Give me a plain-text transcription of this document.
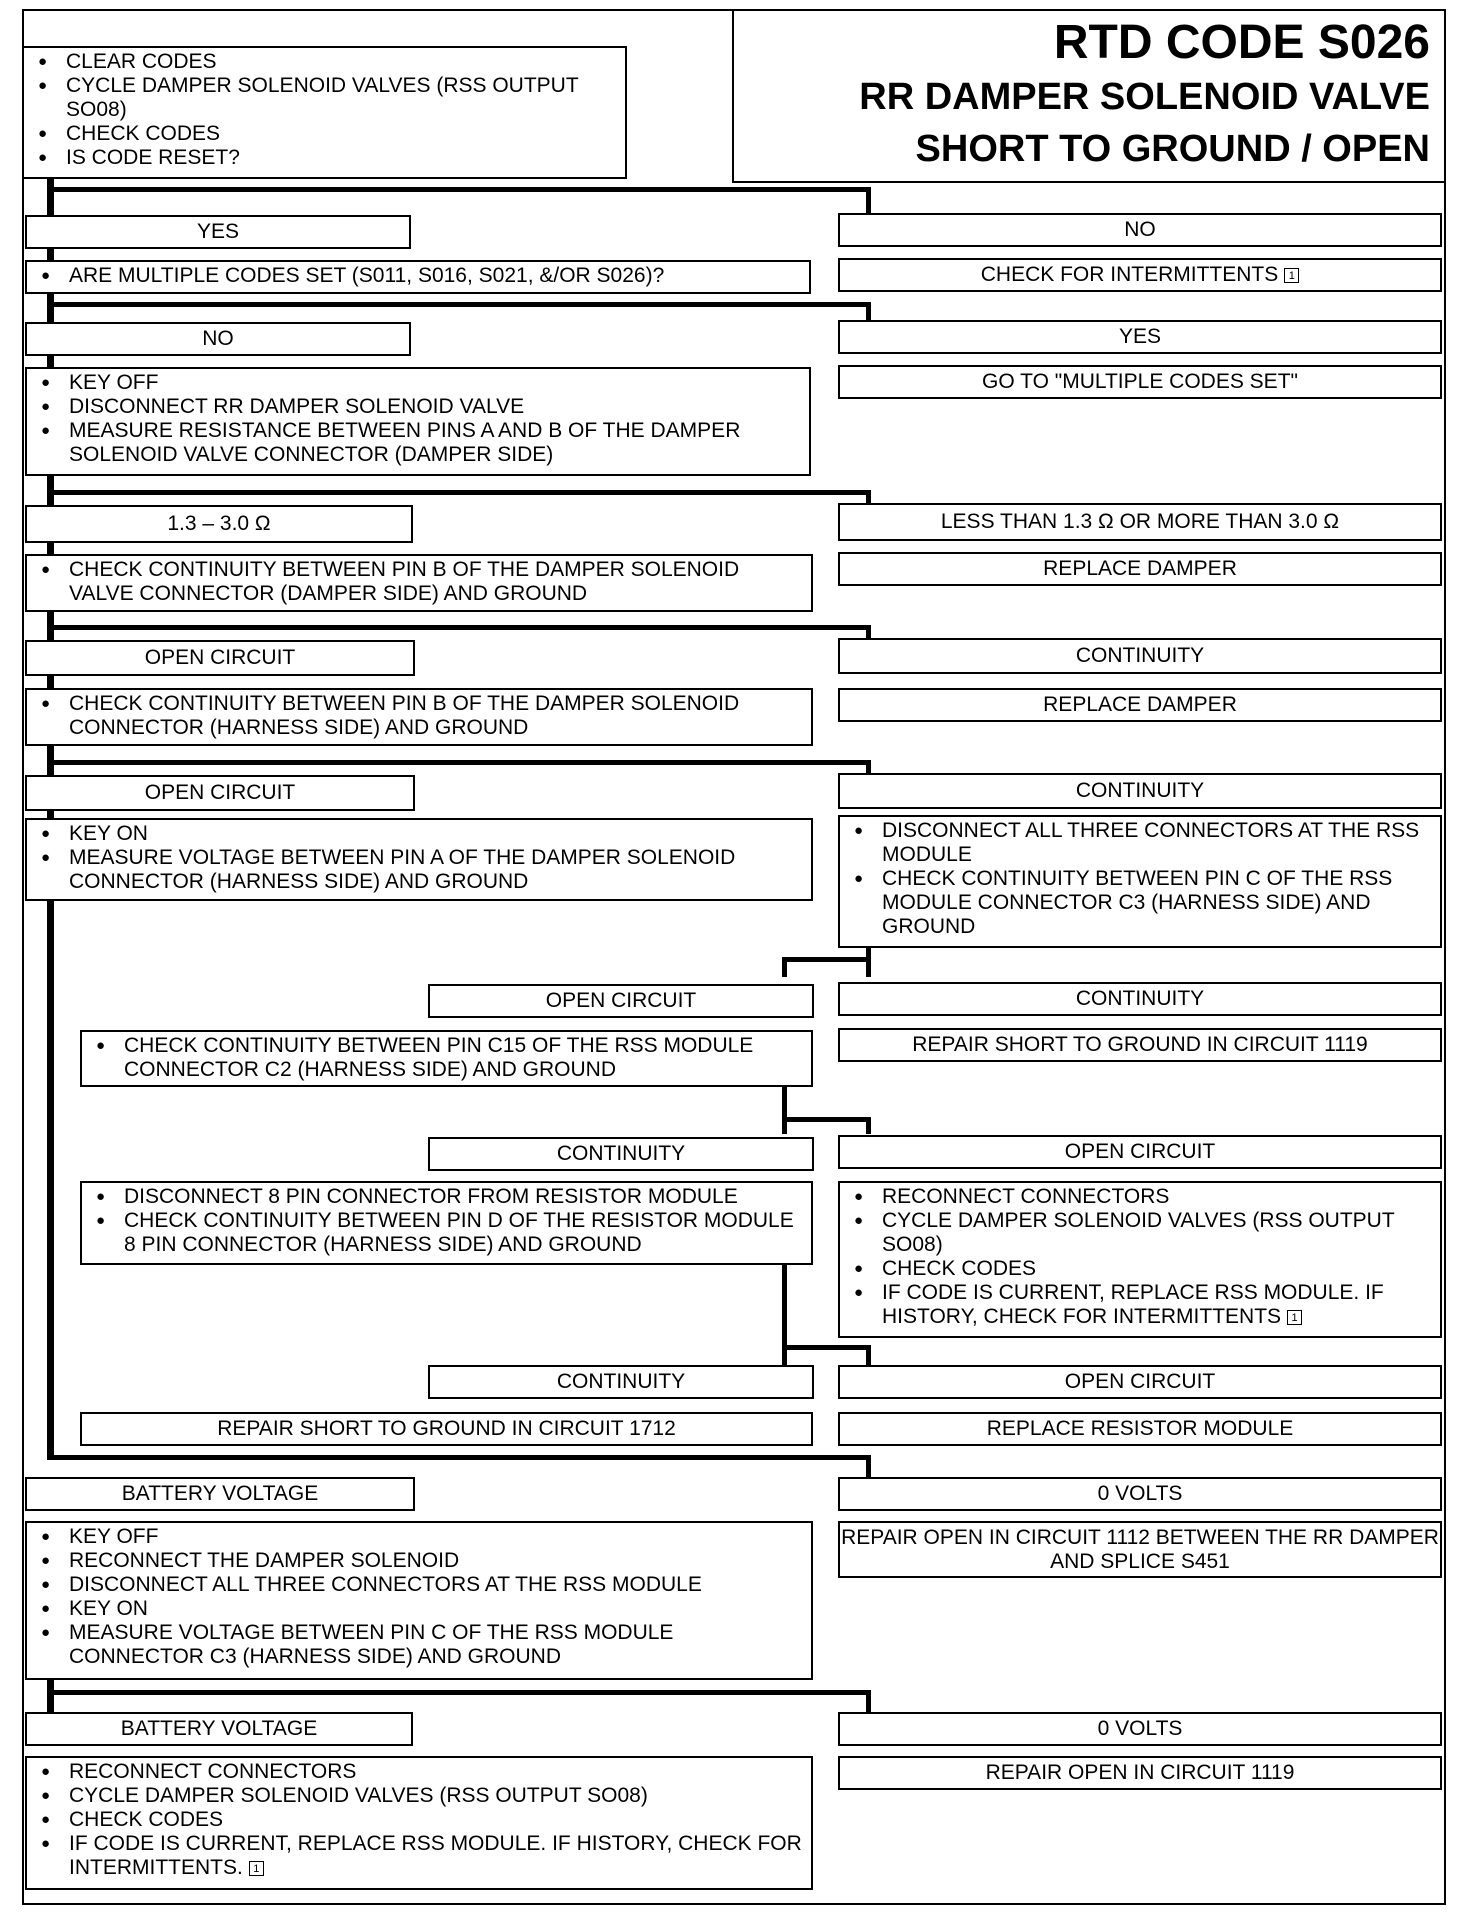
RTD CODE S026
RR DAMPER SOLENOID VALVE
SHORT TO GROUND / OPEN
● CLEAR CODES
● CYCLE DAMPER SOLENOID VALVES (RSS OUTPUT SO08)
● CHECK CODES
● IS CODE RESET?
YES	NO
● ARE MULTIPLE CODES SET (S011, S016, S021, &/OR S026)?	CHECK FOR INTERMITTENTS 1
NO	YES
● KEY OFF
● DISCONNECT RR DAMPER SOLENOID VALVE
● MEASURE RESISTANCE BETWEEN PINS A AND B OF THE DAMPER SOLENOID VALVE CONNECTOR (DAMPER SIDE)
GO TO "MULTIPLE CODES SET"
1.3 – 3.0 Ω	LESS THAN 1.3 Ω OR MORE THAN 3.0 Ω
● CHECK CONTINUITY BETWEEN PIN B OF THE DAMPER SOLENOID VALVE CONNECTOR (DAMPER SIDE) AND GROUND
REPLACE DAMPER
OPEN CIRCUIT	CONTINUITY
● CHECK CONTINUITY BETWEEN PIN B OF THE DAMPER SOLENOID CONNECTOR (HARNESS SIDE) AND GROUND
REPLACE DAMPER
OPEN CIRCUIT	CONTINUITY
● KEY ON
● MEASURE VOLTAGE BETWEEN PIN A OF THE DAMPER SOLENOID CONNECTOR (HARNESS SIDE) AND GROUND
● DISCONNECT ALL THREE CONNECTORS AT THE RSS MODULE
● CHECK CONTINUITY BETWEEN PIN C OF THE RSS MODULE CONNECTOR C3 (HARNESS SIDE) AND GROUND
OPEN CIRCUIT	CONTINUITY
● CHECK CONTINUITY BETWEEN PIN C15 OF THE RSS MODULE CONNECTOR C2 (HARNESS SIDE) AND GROUND
REPAIR SHORT TO GROUND IN CIRCUIT 1119
CONTINUITY	OPEN CIRCUIT
● DISCONNECT 8 PIN CONNECTOR FROM RESISTOR MODULE
● CHECK CONTINUITY BETWEEN PIN D OF THE RESISTOR MODULE 8 PIN CONNECTOR (HARNESS SIDE) AND GROUND
● RECONNECT CONNECTORS
● CYCLE DAMPER SOLENOID VALVES (RSS OUTPUT SO08)
● CHECK CODES
● IF CODE IS CURRENT, REPLACE RSS MODULE. IF HISTORY, CHECK FOR INTERMITTENTS 1
CONTINUITY	OPEN CIRCUIT
REPAIR SHORT TO GROUND IN CIRCUIT 1712	REPLACE RESISTOR MODULE
BATTERY VOLTAGE	0 VOLTS
● KEY OFF
● RECONNECT THE DAMPER SOLENOID
● DISCONNECT ALL THREE CONNECTORS AT THE RSS MODULE
● KEY ON
● MEASURE VOLTAGE BETWEEN PIN C OF THE RSS MODULE CONNECTOR C3 (HARNESS SIDE) AND GROUND
REPAIR OPEN IN CIRCUIT 1112 BETWEEN THE RR DAMPER AND SPLICE S451
BATTERY VOLTAGE	0 VOLTS
● RECONNECT CONNECTORS
● CYCLE DAMPER SOLENOID VALVES (RSS OUTPUT SO08)
● CHECK CODES
● IF CODE IS CURRENT, REPLACE RSS MODULE. IF HISTORY, CHECK FOR INTERMITTENTS. 1
REPAIR OPEN IN CIRCUIT 1119
